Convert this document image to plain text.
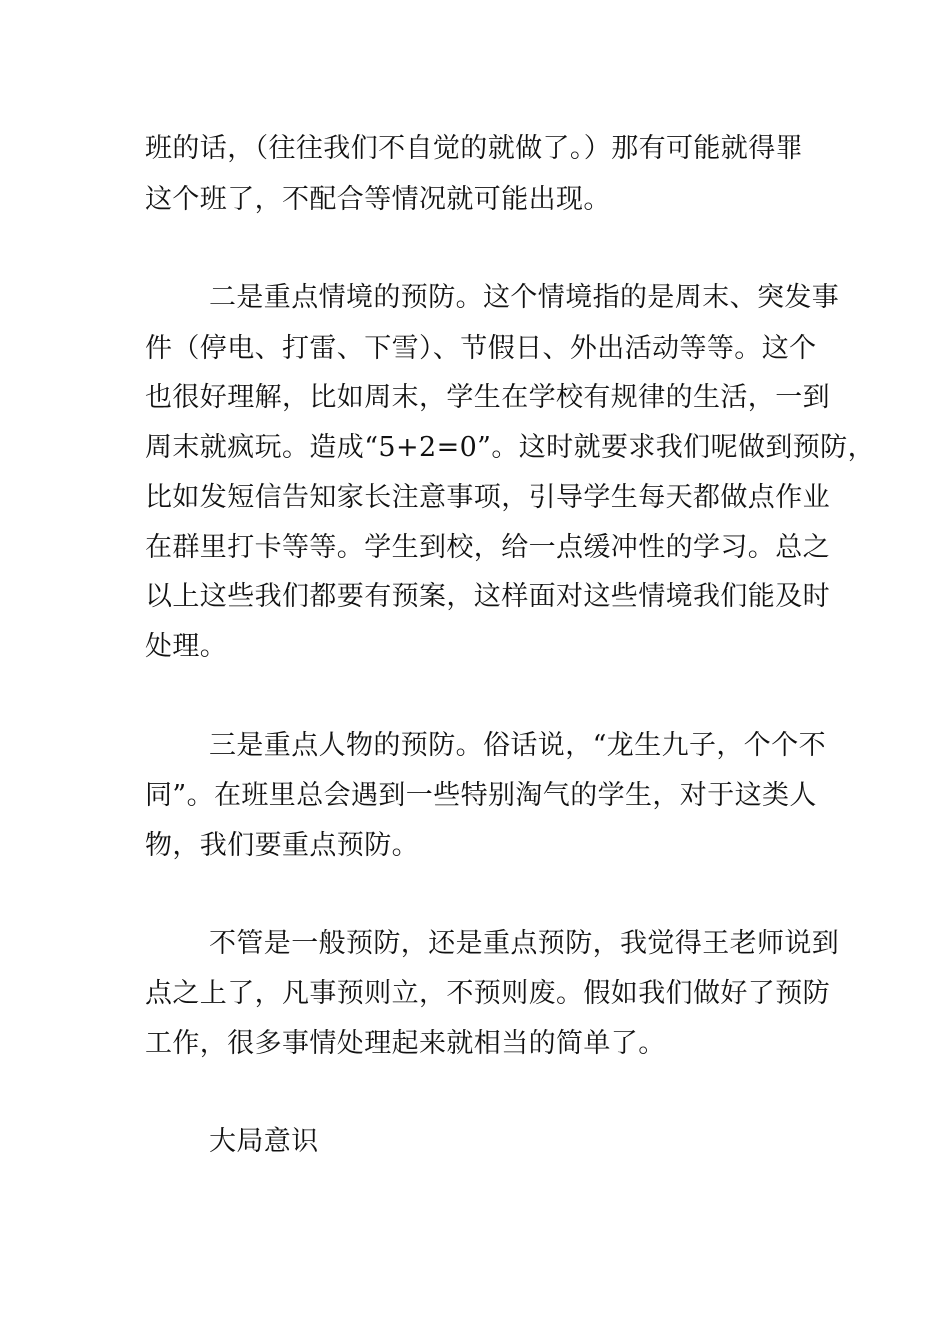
班的话，（往往我们不自觉的就做了。）那有可能就得罪
这个班了，不配合等情况就可能出现。
二是重点情境的预防。这个情境指的是周末、突发事
件（停电、打雷、下雪）、节假日、外出活动等等。这个
也很好理解，比如周末，学生在学校有规律的生活，一到
周末就疯玩。造成“5+2=0”。这时就要求我们呢做到预防，
比如发短信告知家长注意事项，引导学生每天都做点作业
在群里打卡等等。学生到校，给一点缓冲性的学习。总之
以上这些我们都要有预案，这样面对这些情境我们能及时
处理。
三是重点人物的预防。俗话说，“龙生九子，个个不
同”。在班里总会遇到一些特别淘气的学生，对于这类人
物，我们要重点预防。
不管是一般预防，还是重点预防，我觉得王老师说到
点之上了，凡事预则立，不预则废。假如我们做好了预防
工作，很多事情处理起来就相当的简单了。
大局意识
